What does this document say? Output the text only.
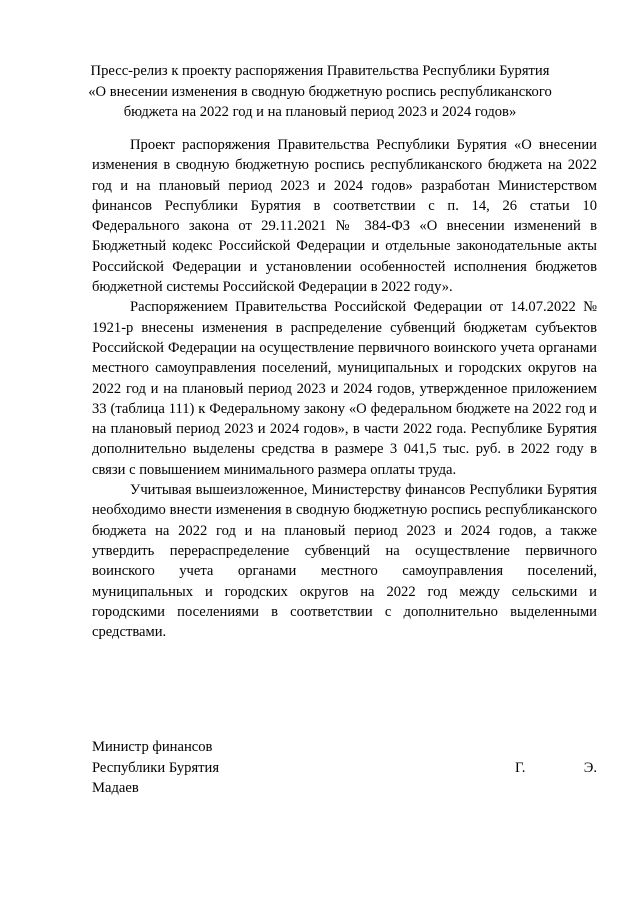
Пресс-релиз к проекту распоряжения Правительства Республики Бурятия «О внесении изменения в сводную бюджетную роспись республиканского бюджета на 2022 год и на плановый период 2023 и 2024 годов»

Проект распоряжения Правительства Республики Бурятия «О внесении изменения в сводную бюджетную роспись республиканского бюджета на 2022 год и на плановый период 2023 и 2024 годов» разработан Министерством финансов Республики Бурятия в соответствии с п. 14, 26 статьи 10 Федерального закона от 29.11.2021 № 384-ФЗ «О внесении изменений в Бюджетный кодекс Российской Федерации и отдельные законодательные акты Российской Федерации и установлении особенностей исполнения бюджетов бюджетной системы Российской Федерации в 2022 году».

Распоряжением Правительства Российской Федерации от 14.07.2022 № 1921-р внесены изменения в распределение субвенций бюджетам субъектов Российской Федерации на осуществление первичного воинского учета органами местного самоуправления поселений, муниципальных и городских округов на 2022 год и на плановый период 2023 и 2024 годов, утвержденное приложением 33 (таблица 111) к Федеральному закону «О федеральном бюджете на 2022 год и на плановый период 2023 и 2024 годов», в части 2022 года. Республике Бурятия дополнительно выделены средства в размере 3 041,5 тыс. руб. в 2022 году в связи с повышением минимального размера оплаты труда.

Учитывая вышеизложенное, Министерству финансов Республики Бурятия необходимо внести изменения в сводную бюджетную роспись республиканского бюджета на 2022 год и на плановый период 2023 и 2024 годов, а также утвердить перераспределение субвенций на осуществление первичного воинского учета органами местного самоуправления поселений, муниципальных и городских округов на 2022 год между сельскими и городскими поселениями в соответствии с дополнительно выделенными средствами.

Министр финансов
Республики Бурятия	Г.	Э.
Мадаев
